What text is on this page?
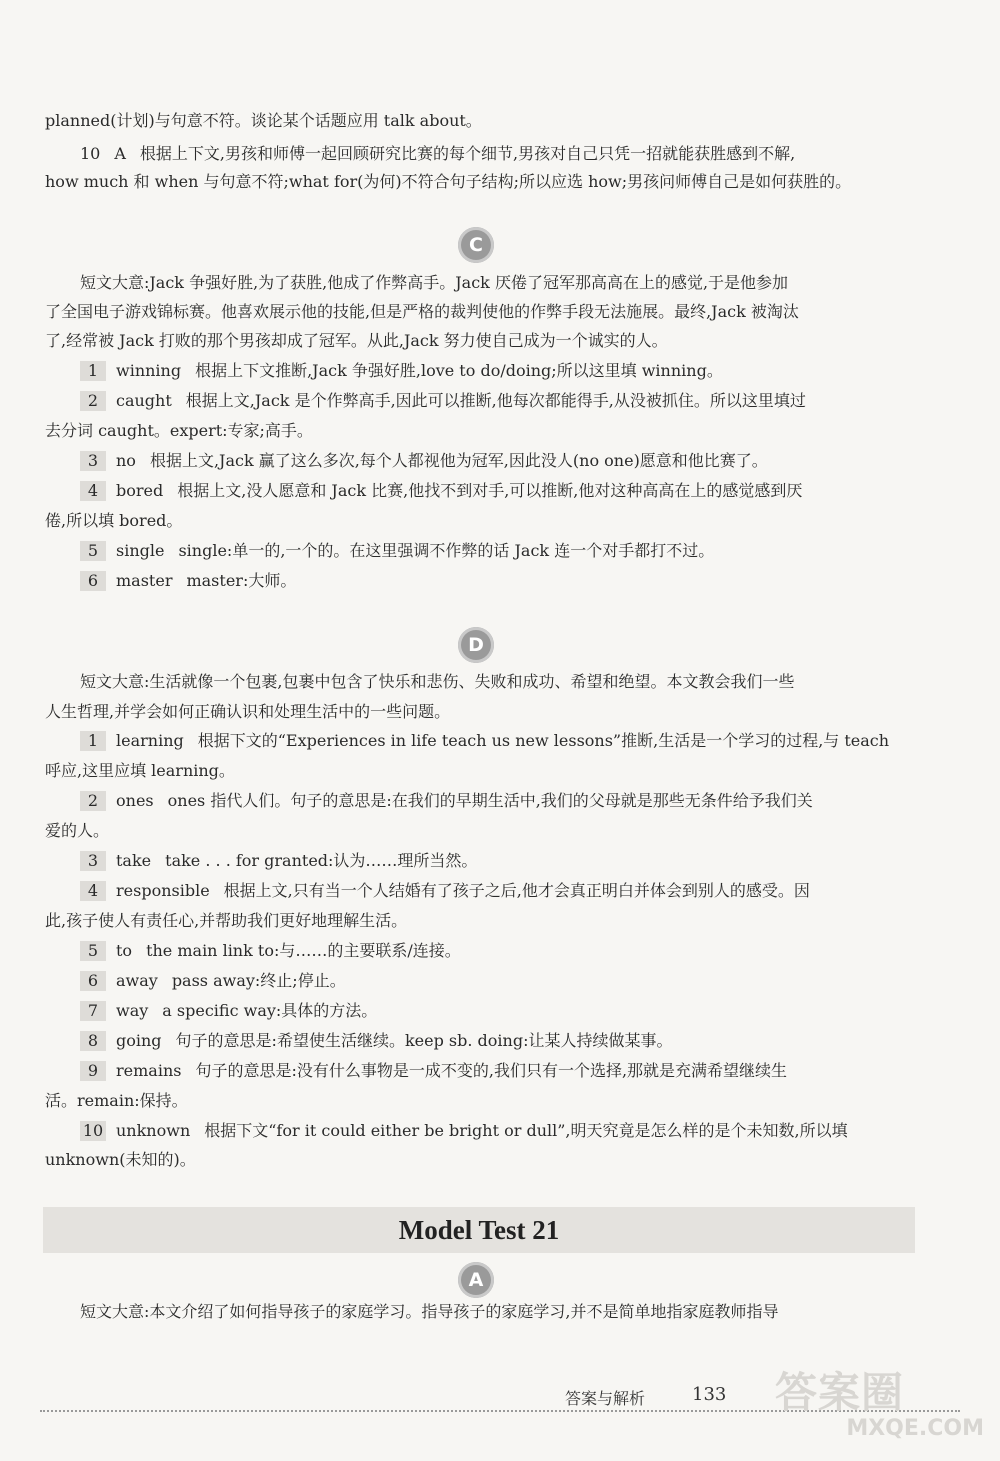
planned(计划)与句意不符。谈论某个话题应用 talk about。
10 A 根据上下文,男孩和师傅一起回顾研究比赛的每个细节,男孩对自己只凭一招就能获胜感到不解,
how much 和 when 与句意不符;what for(为何)不符合句子结构;所以应选 how;男孩问师傅自己是如何获胜的。
C
短文大意:Jack 争强好胜,为了获胜,他成了作弊高手。Jack 厌倦了冠军那高高在上的感觉,于是他参加
了全国电子游戏锦标赛。他喜欢展示他的技能,但是严格的裁判使他的作弊手段无法施展。最终,Jack 被淘汰
了,经常被 Jack 打败的那个男孩却成了冠军。从此,Jack 努力使自己成为一个诚实的人。
1 winning 根据上下文推断,Jack 争强好胜,love to do/doing;所以这里填 winning。
2 caught 根据上文,Jack 是个作弊高手,因此可以推断,他每次都能得手,从没被抓住。所以这里填过
去分词 caught。expert:专家;高手。
3 no 根据上文,Jack 赢了这么多次,每个人都视他为冠军,因此没人(no one)愿意和他比赛了。
4 bored 根据上文,没人愿意和 Jack 比赛,他找不到对手,可以推断,他对这种高高在上的感觉感到厌
倦,所以填 bored。
5 single single:单一的,一个的。在这里强调不作弊的话 Jack 连一个对手都打不过。
6 master master:大师。
D
短文大意:生活就像一个包裹,包裹中包含了快乐和悲伤、失败和成功、希望和绝望。本文教会我们一些
人生哲理,并学会如何正确认识和处理生活中的一些问题。
1 learning 根据下文的“Experiences in life teach us new lessons”推断,生活是一个学习的过程,与 teach
呼应,这里应填 learning。
2 ones ones 指代人们。句子的意思是:在我们的早期生活中,我们的父母就是那些无条件给予我们关
爱的人。
3 take take . . . for granted:认为……理所当然。
4 responsible 根据上文,只有当一个人结婚有了孩子之后,他才会真正明白并体会到别人的感受。因
此,孩子使人有责任心,并帮助我们更好地理解生活。
5 to the main link to:与……的主要联系/连接。
6 away pass away:终止;停止。
7 way a specific way:具体的方法。
8 going 句子的意思是:希望使生活继续。keep sb. doing:让某人持续做某事。
9 remains 句子的意思是:没有什么事物是一成不变的,我们只有一个选择,那就是充满希望继续生
活。remain:保持。
10 unknown 根据下文“for it could either be bright or dull”,明天究竟是怎么样的是个未知数,所以填
unknown(未知的)。
Model Test 21
A
短文大意:本文介绍了如何指导孩子的家庭学习。指导孩子的家庭学习,并不是简单地指家庭教师指导
答案与解析	133 答案圈
MXQE.COM
